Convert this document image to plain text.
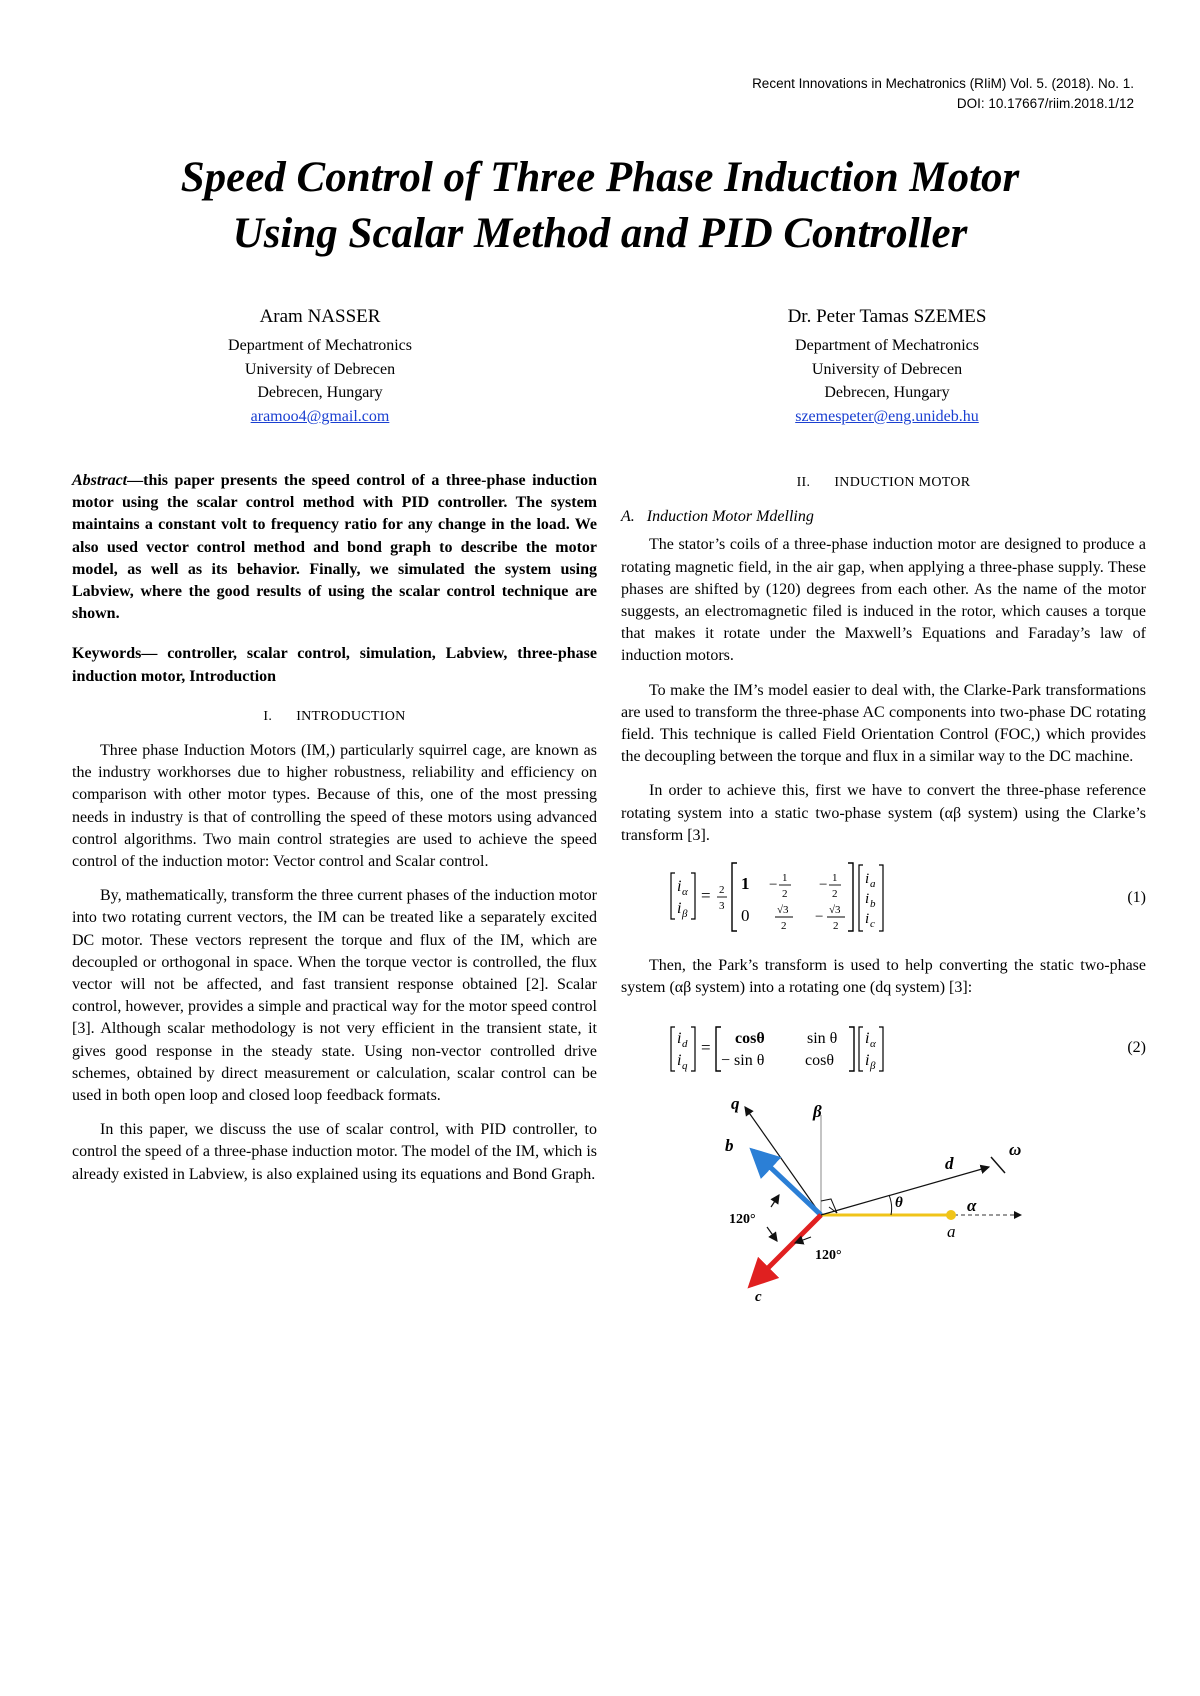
Recent Innovations in Mechatronics (RIiM) Vol. 5. (2018). No. 1.
DOI: 10.17667/riim.2018.1/12
Speed Control of Three Phase Induction Motor
Using Scalar Method and PID Controller
Aram NASSER
Department of Mechatronics
University of Debrecen
Debrecen, Hungary
aramoo4@gmail.com
Dr. Peter Tamas SZEMES
Department of Mechatronics
University of Debrecen
Debrecen, Hungary
szemespeter@eng.unideb.hu

Abstract—this paper presents the speed control of a three-phase induction motor using the scalar control method with PID controller. The system maintains a constant volt to frequency ratio for any change in the load. We also used vector control method and bond graph to describe the motor model, as well as its behavior. Finally, we simulated the system using Labview, where the good results of using the scalar control technique are shown.

Keywords— controller, scalar control, simulation, Labview, three-phase induction motor, Introduction

I. INTRODUCTION

Three phase Induction Motors (IM,) particularly squirrel cage, are known as the industry workhorses due to higher robustness, reliability and efficiency on comparison with other motor types. Because of this, one of the most pressing needs in industry is that of controlling the speed of these motors using advanced control algorithms. Two main control strategies are used to achieve the speed control of the induction motor: Vector control and Scalar control.

By, mathematically, transform the three current phases of the induction motor into two rotating current vectors, the IM can be treated like a separately excited DC motor. These vectors represent the torque and flux of the IM, which are decoupled or orthogonal in space. When the torque vector is controlled, the flux vector will not be affected, and fast transient response obtained [2]. Scalar control, however, provides a simple and practical way for the motor speed control [3]. Although scalar methodology is not very efficient in the transient state, it gives good response in the steady state. Using non-vector controlled drive schemes, obtained by direct measurement or calculation, scalar control can be used in both open loop and closed loop feedback formats.

In this paper, we discuss the use of scalar control, with PID controller, to control the speed of a three-phase induction motor. The model of the IM, which is already existed in Labview, is also explained using its equations and Bond Graph.

II. INDUCTION MOTOR
A. Induction Motor Mdelling

The stator’s coils of a three-phase induction motor are designed to produce a rotating magnetic field, in the air gap, when applying a three-phase supply. These phases are shifted by (120) degrees from each other. As the name of the motor suggests, an electromagnetic filed is induced in the rotor, which causes a torque that makes it rotate under the Maxwell’s Equations and Faraday’s law of induction motors.

To make the IM’s model easier to deal with, the Clarke-Park transformations are used to transform the three-phase AC components into two-phase DC rotating field. This technique is called Field Orientation Control (FOC,) which provides the decoupling between the torque and flux in a similar way to the DC machine.

In order to achieve this, first we have to convert the three-phase reference rotating system into a static two-phase system (αβ system) using the Clarke’s transform [3].

i α
i β
= 2
3
1 − 1
2
− 1
2
0	√3
2
− √3
2
i a
i b
i c
(1)

Then, the Park’s transform is used to help converting the static two-phase system (αβ system) into a rotating one (dq system) [3]:

i d
i q
= cosθ	sin θ
− sin θ	cosθ
i α
i β
(2)
q	β
b
d
ω
θ	α
a
c
120°
120°
